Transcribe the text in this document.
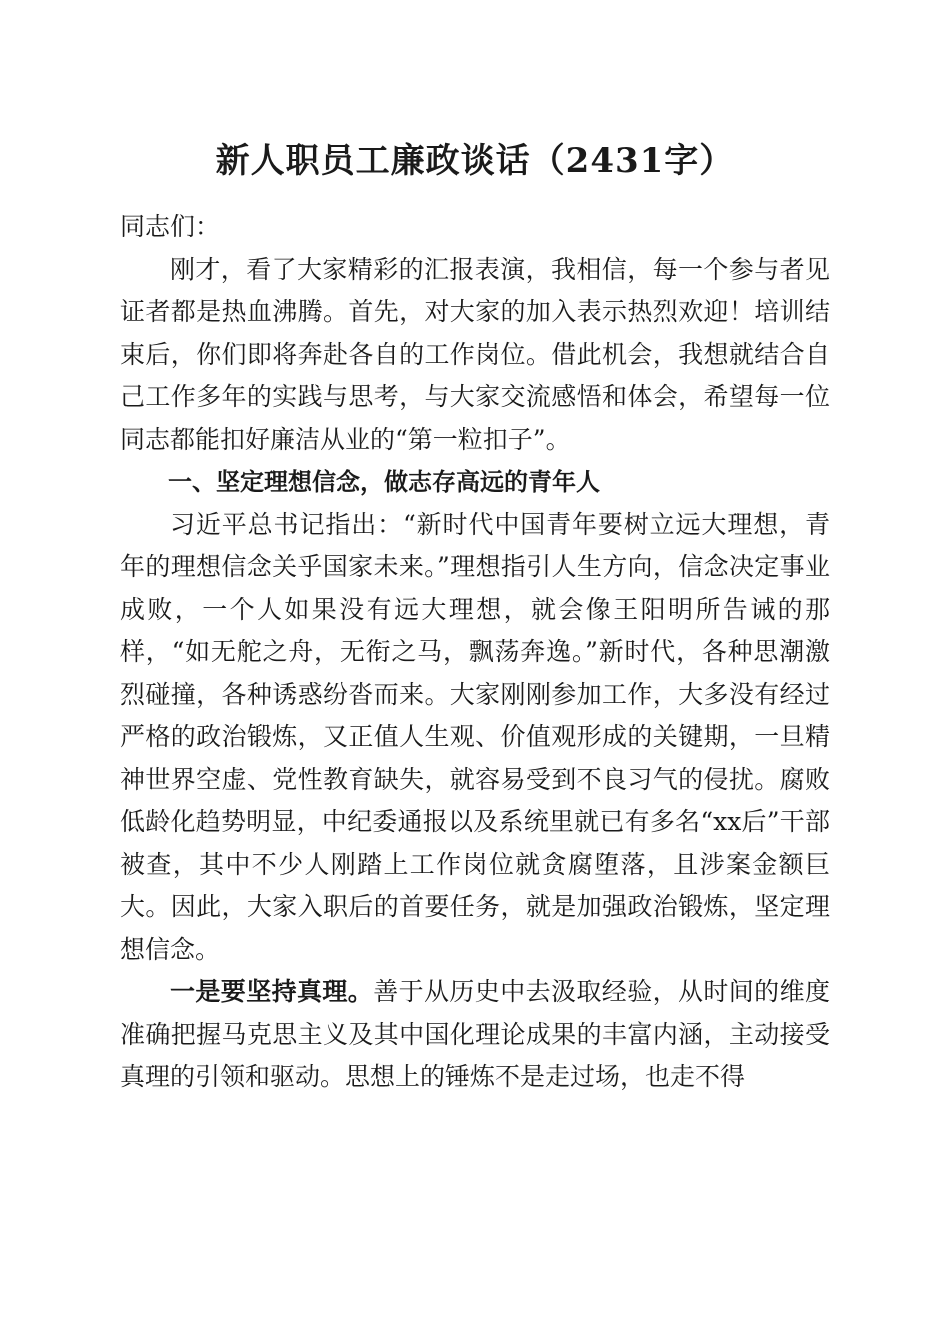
新人职员工廉政谈话（2431字）

同志们：

刚才，看了大家精彩的汇报表演，我相信，每一个参与者见证者都是热血沸腾。首先，对大家的加入表示热烈欢迎！培训结束后，你们即将奔赴各自的工作岗位。借此机会，我想就结合自己工作多年的实践与思考，与大家交流感悟和体会，希望每一位同志都能扣好廉洁从业的“第一粒扣子”。

一、坚定理想信念，做志存高远的青年人

习近平总书记指出：“新时代中国青年要树立远大理想，青年的理想信念关乎国家未来。”理想指引人生方向，信念决定事业成败，一个人如果没有远大理想，就会像王阳明所告诫的那样，“如无舵之舟，无衔之马，飘荡奔逸。”新时代，各种思潮激烈碰撞，各种诱惑纷沓而来。大家刚刚参加工作，大多没有经过严格的政治锻炼，又正值人生观、价值观形成的关键期，一旦精神世界空虚、党性教育缺失，就容易受到不良习气的侵扰。腐败低龄化趋势明显，中纪委通报以及系统里就已有多名“xx后”干部被查，其中不少人刚踏上工作岗位就贪腐堕落，且涉案金额巨大。因此，大家入职后的首要任务，就是加强政治锻炼，坚定理想信念。

一是要坚持真理。善于从历史中去汲取经验，从时间的维度准确把握马克思主义及其中国化理论成果的丰富内涵，主动接受真理的引领和驱动。思想上的锤炼不是走过场，也走不得
